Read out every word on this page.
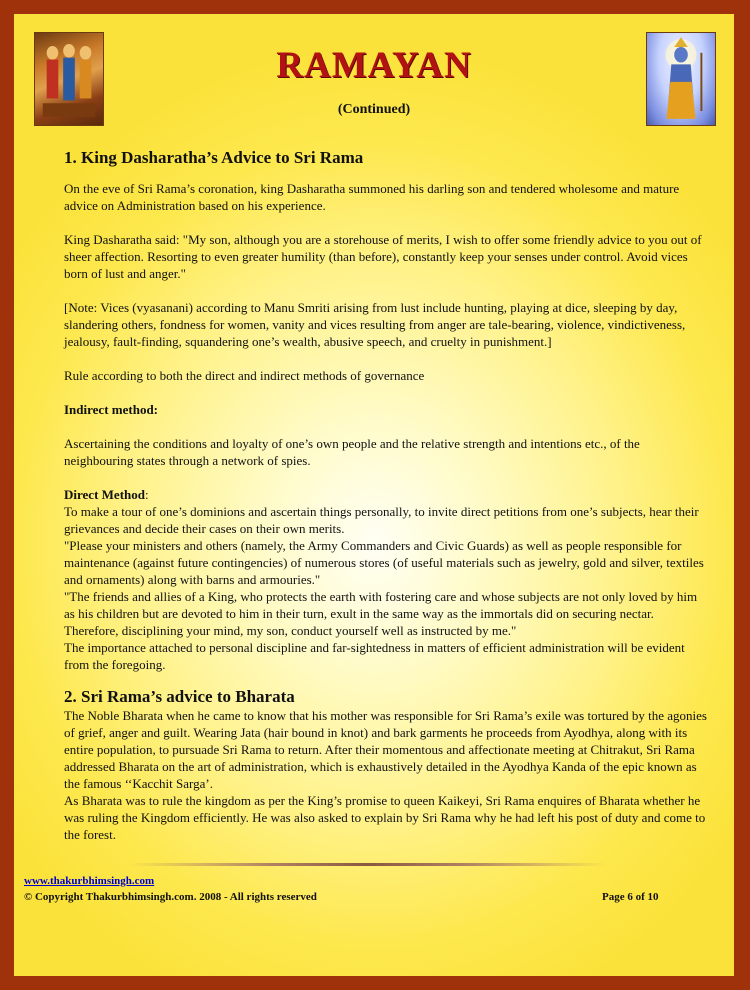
RAMAYAN
(Continued)
1. King Dasharatha’s Advice to Sri Rama

On the eve of Sri Rama’s coronation, king Dasharatha summoned his darling son and tendered wholesome and mature advice on Administration based on his experience.

King Dasharatha said: "My son, although you are a storehouse of merits, I wish to offer some friendly advice to you out of sheer affection. Resorting to even greater humility (than before), constantly keep your senses under control. Avoid vices born of lust and anger."

[Note: Vices (vyasanani) according to Manu Smriti arising from lust include hunting, playing at dice, sleeping by day, slandering others, fondness for women, vanity and vices resulting from anger are tale-bearing, violence, vindictiveness, jealousy, fault-finding, squandering one’s wealth, abusive speech, and cruelty in punishment.]

Rule according to both the direct and indirect methods of governance

Indirect method:

Ascertaining the conditions and loyalty of one’s own people and the relative strength and intentions etc., of the neighbouring states through a network of spies.

Direct Method:

To make a tour of one’s dominions and ascertain things personally, to invite direct petitions from one’s subjects, hear their grievances and decide their cases on their own merits.

"Please your ministers and others (namely, the Army Commanders and Civic Guards) as well as people responsible for maintenance (against future contingencies) of numerous stores (of useful materials such as jewelry, gold and silver, textiles and ornaments) along with barns and armouries."

"The friends and allies of a King, who protects the earth with fostering care and whose subjects are not only loved by him as his children but are devoted to him in their turn, exult in the same way as the immortals did on securing nectar. Therefore, disciplining your mind, my son, conduct yourself well as instructed by me."

The importance attached to personal discipline and far-sightedness in matters of efficient administration will be evident from the foregoing.

2. Sri Rama’s advice to Bharata

The Noble Bharata when he came to know that his mother was responsible for Sri Rama’s exile was tortured by the agonies of grief, anger and guilt. Wearing Jata (hair bound in knot) and bark garments he proceeds from Ayodhya, along with its entire population, to pursuade Sri Rama to return. After their momentous and affectionate meeting at Chitrakut, Sri Rama addressed Bharata on the art of administration, which is exhaustively detailed in the Ayodhya Kanda of the epic known as the famous ‘‘Kacchit Sarga’.

As Bharata was to rule the kingdom as per the King’s promise to queen Kaikeyi, Sri Rama enquires of Bharata whether he was ruling the Kingdom efficiently. He was also asked to explain by Sri Rama why he had left his post of duty and come to the forest.

www.thakurbhimsingh.com
© Copyright Thakurbhimsingh.com. 2008 - All rights reserved	Page 6 of 10
